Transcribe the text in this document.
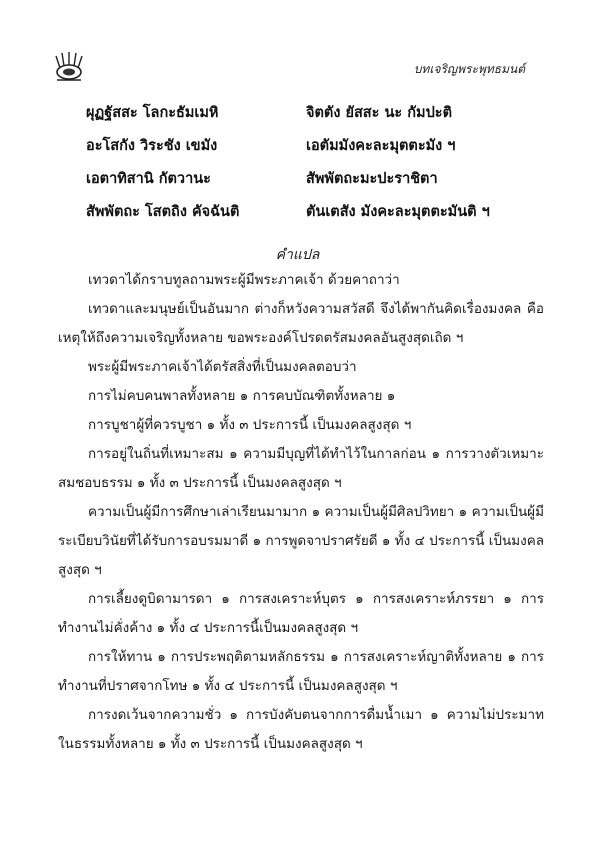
บทเจริญพระพุทธมนต์
ผุฏฐัสสะ โลกะธัมเมหิ	จิตตัง ยัสสะ นะ กัมปะติ
อะโสกัง วิระชัง เขมัง	เอตัมมังคะละมุตตะมัง ฯ
เอตาทิสานิ กัตวานะ	สัพพัตถะมะปะราชิตา
สัพพัตถะ โสตถิง คัจฉันติ	ตันเตสัง มังคะละมุตตะมันติ ฯ
คำแปล

เทวดาได้กราบทูลถามพระผู้มีพระภาคเจ้า ด้วยคาถาว่า

เทวดาและมนุษย์เป็นอันมาก ต่างก็หวังความสวัสดี จึงได้พากันคิดเรื่องมงคล คือเหตุให้ถึงความเจริญทั้งหลาย ขอพระองค์โปรดตรัสมงคลอันสูงสุดเถิด ฯ

พระผู้มีพระภาคเจ้าได้ตรัสสิ่งที่เป็นมงคลตอบว่า

การไม่คบคนพาลทั้งหลาย ๑ การคบบัณฑิตทั้งหลาย ๑

การบูชาผู้ที่ควรบูชา ๑ ทั้ง ๓ ประการนี้ เป็นมงคลสูงสุด ฯ

การอยู่ในถิ่นที่เหมาะสม ๑ ความมีบุญที่ได้ทำไว้ในกาลก่อน ๑ การวางตัวเหมาะสมชอบธรรม ๑ ทั้ง ๓ ประการนี้ เป็นมงคลสูงสุด ฯ

ความเป็นผู้มีการศึกษาเล่าเรียนมามาก ๑ ความเป็นผู้มีศิลปวิทยา ๑ ความเป็นผู้มีระเบียบวินัยที่ได้รับการอบรมมาดี ๑ การพูดจาปราศรัยดี ๑ ทั้ง ๔ ประการนี้ เป็นมงคลสูงสุด ฯ

การเลี้ยงดูบิดามารดา ๑ การสงเคราะห์บุตร ๑ การสงเคราะห์ภรรยา ๑ การทำงานไม่คั่งค้าง ๑ ทั้ง ๔ ประการนี้เป็นมงคลสูงสุด ฯ

การให้ทาน ๑ การประพฤติตามหลักธรรม ๑ การสงเคราะห์ญาติทั้งหลาย ๑ การทำงานที่ปราศจากโทษ ๑ ทั้ง ๔ ประการนี้ เป็นมงคลสูงสุด ฯ

การงดเว้นจากความชั่ว ๑ การบังคับตนจากการดื่มน้ำเมา ๑ ความไม่ประมาทในธรรมทั้งหลาย ๑ ทั้ง ๓ ประการนี้ เป็นมงคลสูงสุด ฯ
